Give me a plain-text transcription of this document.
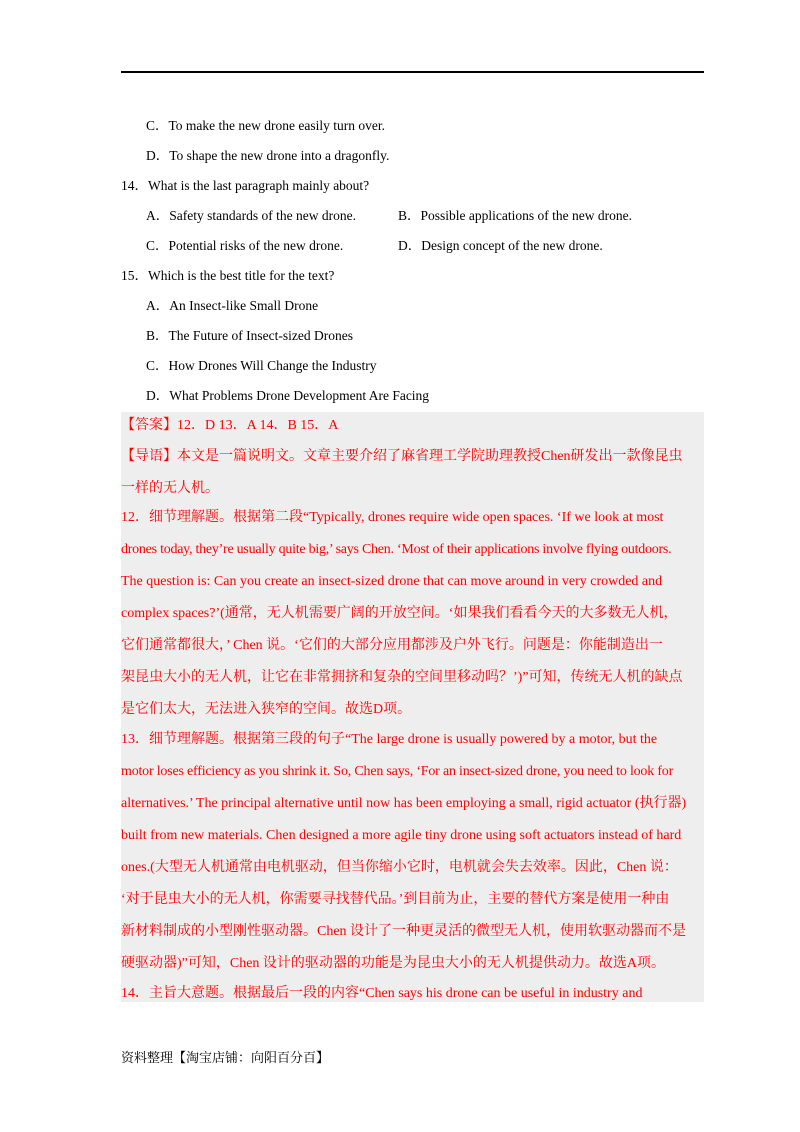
C．To make the new drone easily turn over.
D．To shape the new drone into a dragonfly.
14．What is the last paragraph mainly about?
A．Safety standards of the new drone.	B．Possible applications of the new drone.
C．Potential risks of the new drone.	D．Design concept of the new drone.
15．Which is the best title for the text?
A．An Insect-like Small Drone
B．The Future of Insect-sized Drones
C．How Drones Will Change the Industry
D．What Problems Drone Development Are Facing
【答案】12．D 13．A 14．B 15．A
【导语】本文是一篇说明文。文章主要介绍了麻省理工学院助理教授Chen研发出一款像昆虫
一样的无人机。
12．细节理解题。根据第二段“Typically, drones require wide open spaces. ‘If we look at most
drones today, they’re usually quite big,’ says Chen. ‘Most of their applications involve flying outdoors.
The question is: Can you create an insect-sized drone that can move around in very crowded and
complex spaces?’(通常，无人机需要广阔的开放空间。‘如果我们看看今天的大多数无人机，
它们通常都很大，’ Chen 说。‘它们的大部分应用都涉及户外飞行。问题是：你能制造出一
架昆虫大小的无人机，让它在非常拥挤和复杂的空间里移动吗？’)”可知，传统无人机的缺点
是它们太大，无法进入狭窄的空间。故选D项。
13．细节理解题。根据第三段的句子“The large drone is usually powered by a motor, but the
motor loses efficiency as you shrink it. So, Chen says, ‘For an insect-sized drone, you need to look for
alternatives.’ The principal alternative until now has been employing a small, rigid actuator (执行器)
built from new materials. Chen designed a more agile tiny drone using soft actuators instead of hard
ones.(大型无人机通常由电机驱动，但当你缩小它时，电机就会失去效率。因此，Chen 说：
‘对于昆虫大小的无人机，你需要寻找替代品。’到目前为止，主要的替代方案是使用一种由
新材料制成的小型刚性驱动器。Chen 设计了一种更灵活的微型无人机，使用软驱动器而不是
硬驱动器)”可知，Chen 设计的驱动器的功能是为昆虫大小的无人机提供动力。故选A项。
14．主旨大意题。根据最后一段的内容“Chen says his drone can be useful in industry and
资料整理【淘宝店铺：向阳百分百】
